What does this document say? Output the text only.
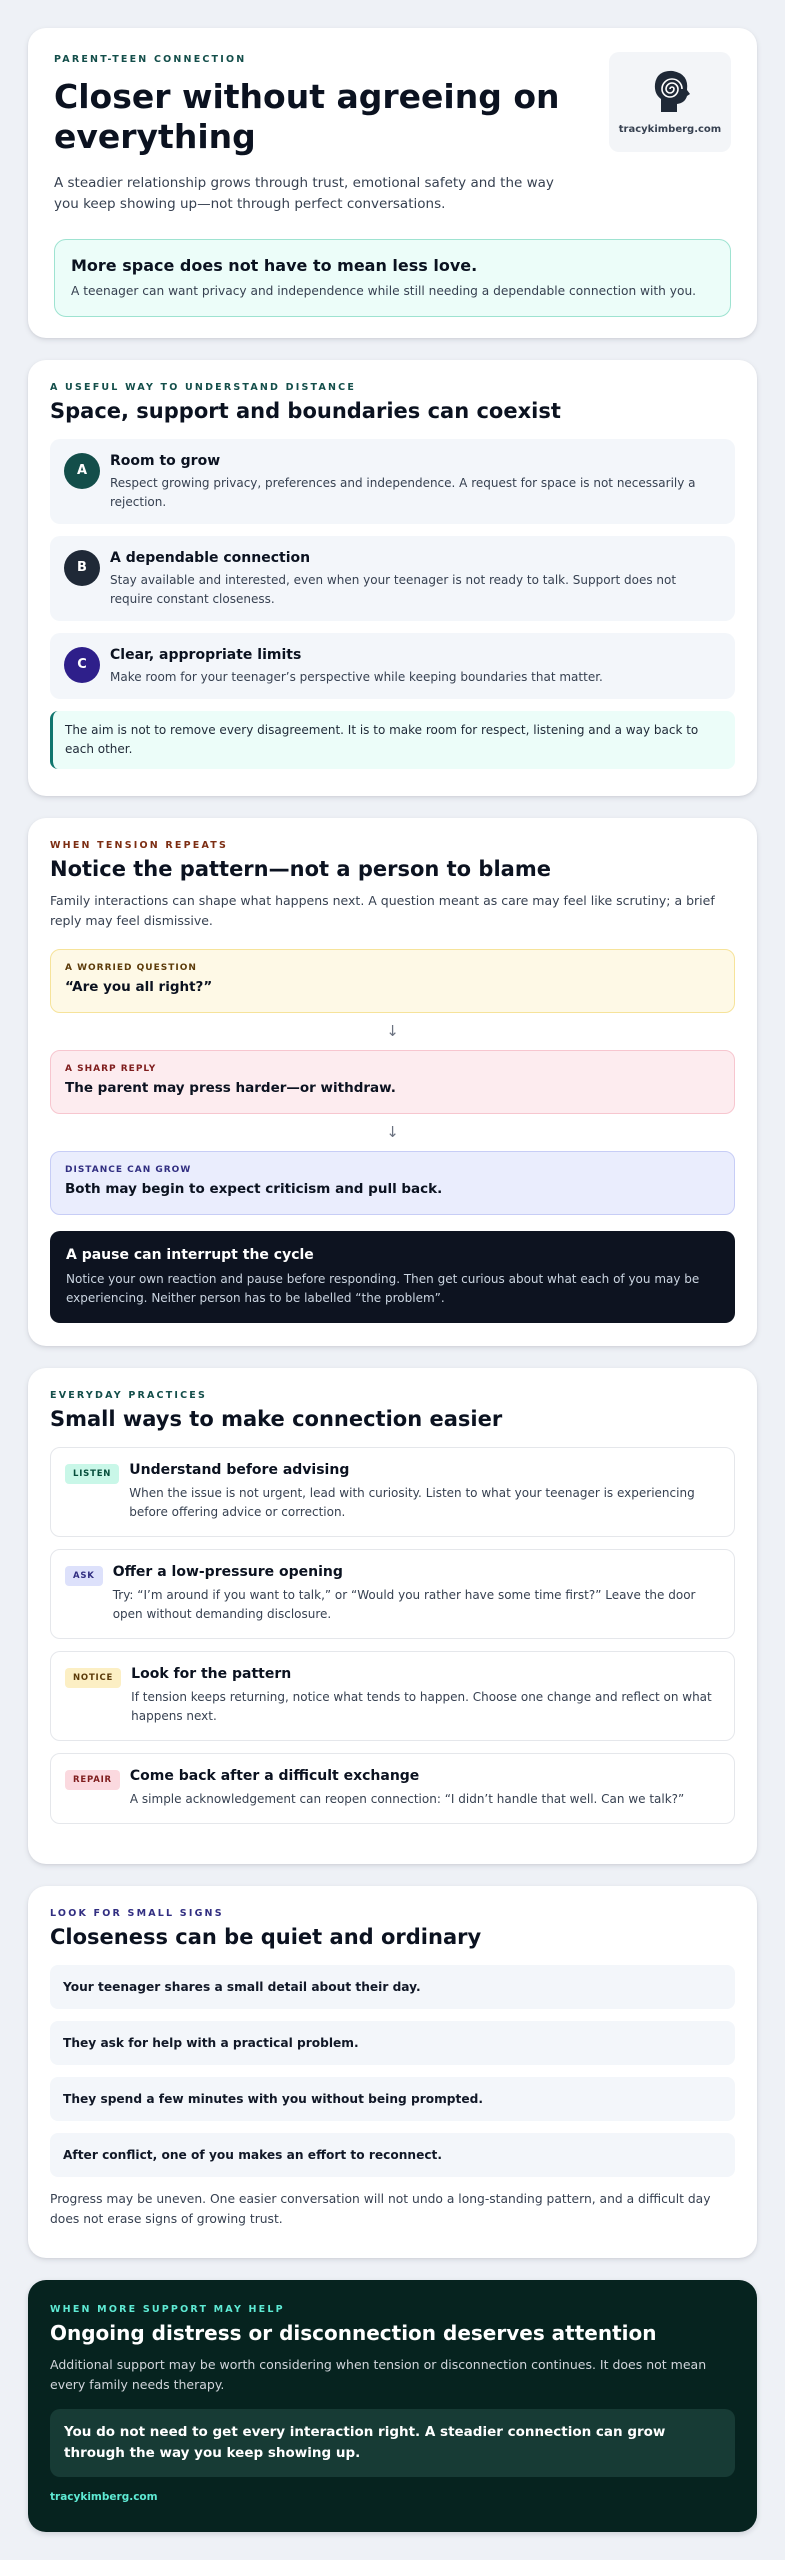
PARENT-TEEN CONNECTION
Closer without agreeing on everything

A steadier relationship grows through trust, emotional safety and the way you keep showing up—not through perfect conversations.

tracykimberg.com
More space does not have to mean less love.
A teenager can want privacy and independence while still needing a dependable connection with you.
A USEFUL WAY TO UNDERSTAND DISTANCE
Space, support and boundaries can coexist
A
Room to grow
Respect growing privacy, preferences and independence. A request for space is not necessarily a rejection.
B
A dependable connection
Stay available and interested, even when your teenager is not ready to talk. Support does not require constant closeness.
C
Clear, appropriate limits
Make room for your teenager’s perspective while keeping boundaries that matter.
The aim is not to remove every disagreement. It is to make room for respect, listening and a way back to each other.
WHEN TENSION REPEATS
Notice the pattern—not a person to blame

Family interactions can shape what happens next. A question meant as care may feel like scrutiny; a brief reply may feel dismissive.

A WORRIED QUESTION
“Are you all right?”
↓
A SHARP REPLY
The parent may press harder—or withdraw.
↓
DISTANCE CAN GROW
Both may begin to expect criticism and pull back.
A pause can interrupt the cycle
Notice your own reaction and pause before responding. Then get curious about what each of you may be experiencing. Neither person has to be labelled “the problem”.
EVERYDAY PRACTICES
Small ways to make connection easier
LISTEN	Understand before advising
When the issue is not urgent, lead with curiosity. Listen to what your teenager is experiencing before offering advice or correction.
ASK	Offer a low-pressure opening
Try: “I’m around if you want to talk,” or “Would you rather have some time first?” Leave the door open without demanding disclosure.
NOTICE	Look for the pattern
If tension keeps returning, notice what tends to happen. Choose one change and reflect on what happens next.
REPAIR	Come back after a difficult exchange
A simple acknowledgement can reopen connection: “I didn’t handle that well. Can we talk?”
LOOK FOR SMALL SIGNS
Closeness can be quiet and ordinary
Your teenager shares a small detail about their day.
They ask for help with a practical problem.
They spend a few minutes with you without being prompted.
After conflict, one of you makes an effort to reconnect.

Progress may be uneven. One easier conversation will not undo a long-standing pattern, and a difficult day does not erase signs of growing trust.

WHEN MORE SUPPORT MAY HELP
Ongoing distress or disconnection deserves attention

Additional support may be worth considering when tension or disconnection continues. It does not mean every family needs therapy.

You do not need to get every interaction right. A steadier connection can grow through the way you keep showing up.
tracykimberg.com
